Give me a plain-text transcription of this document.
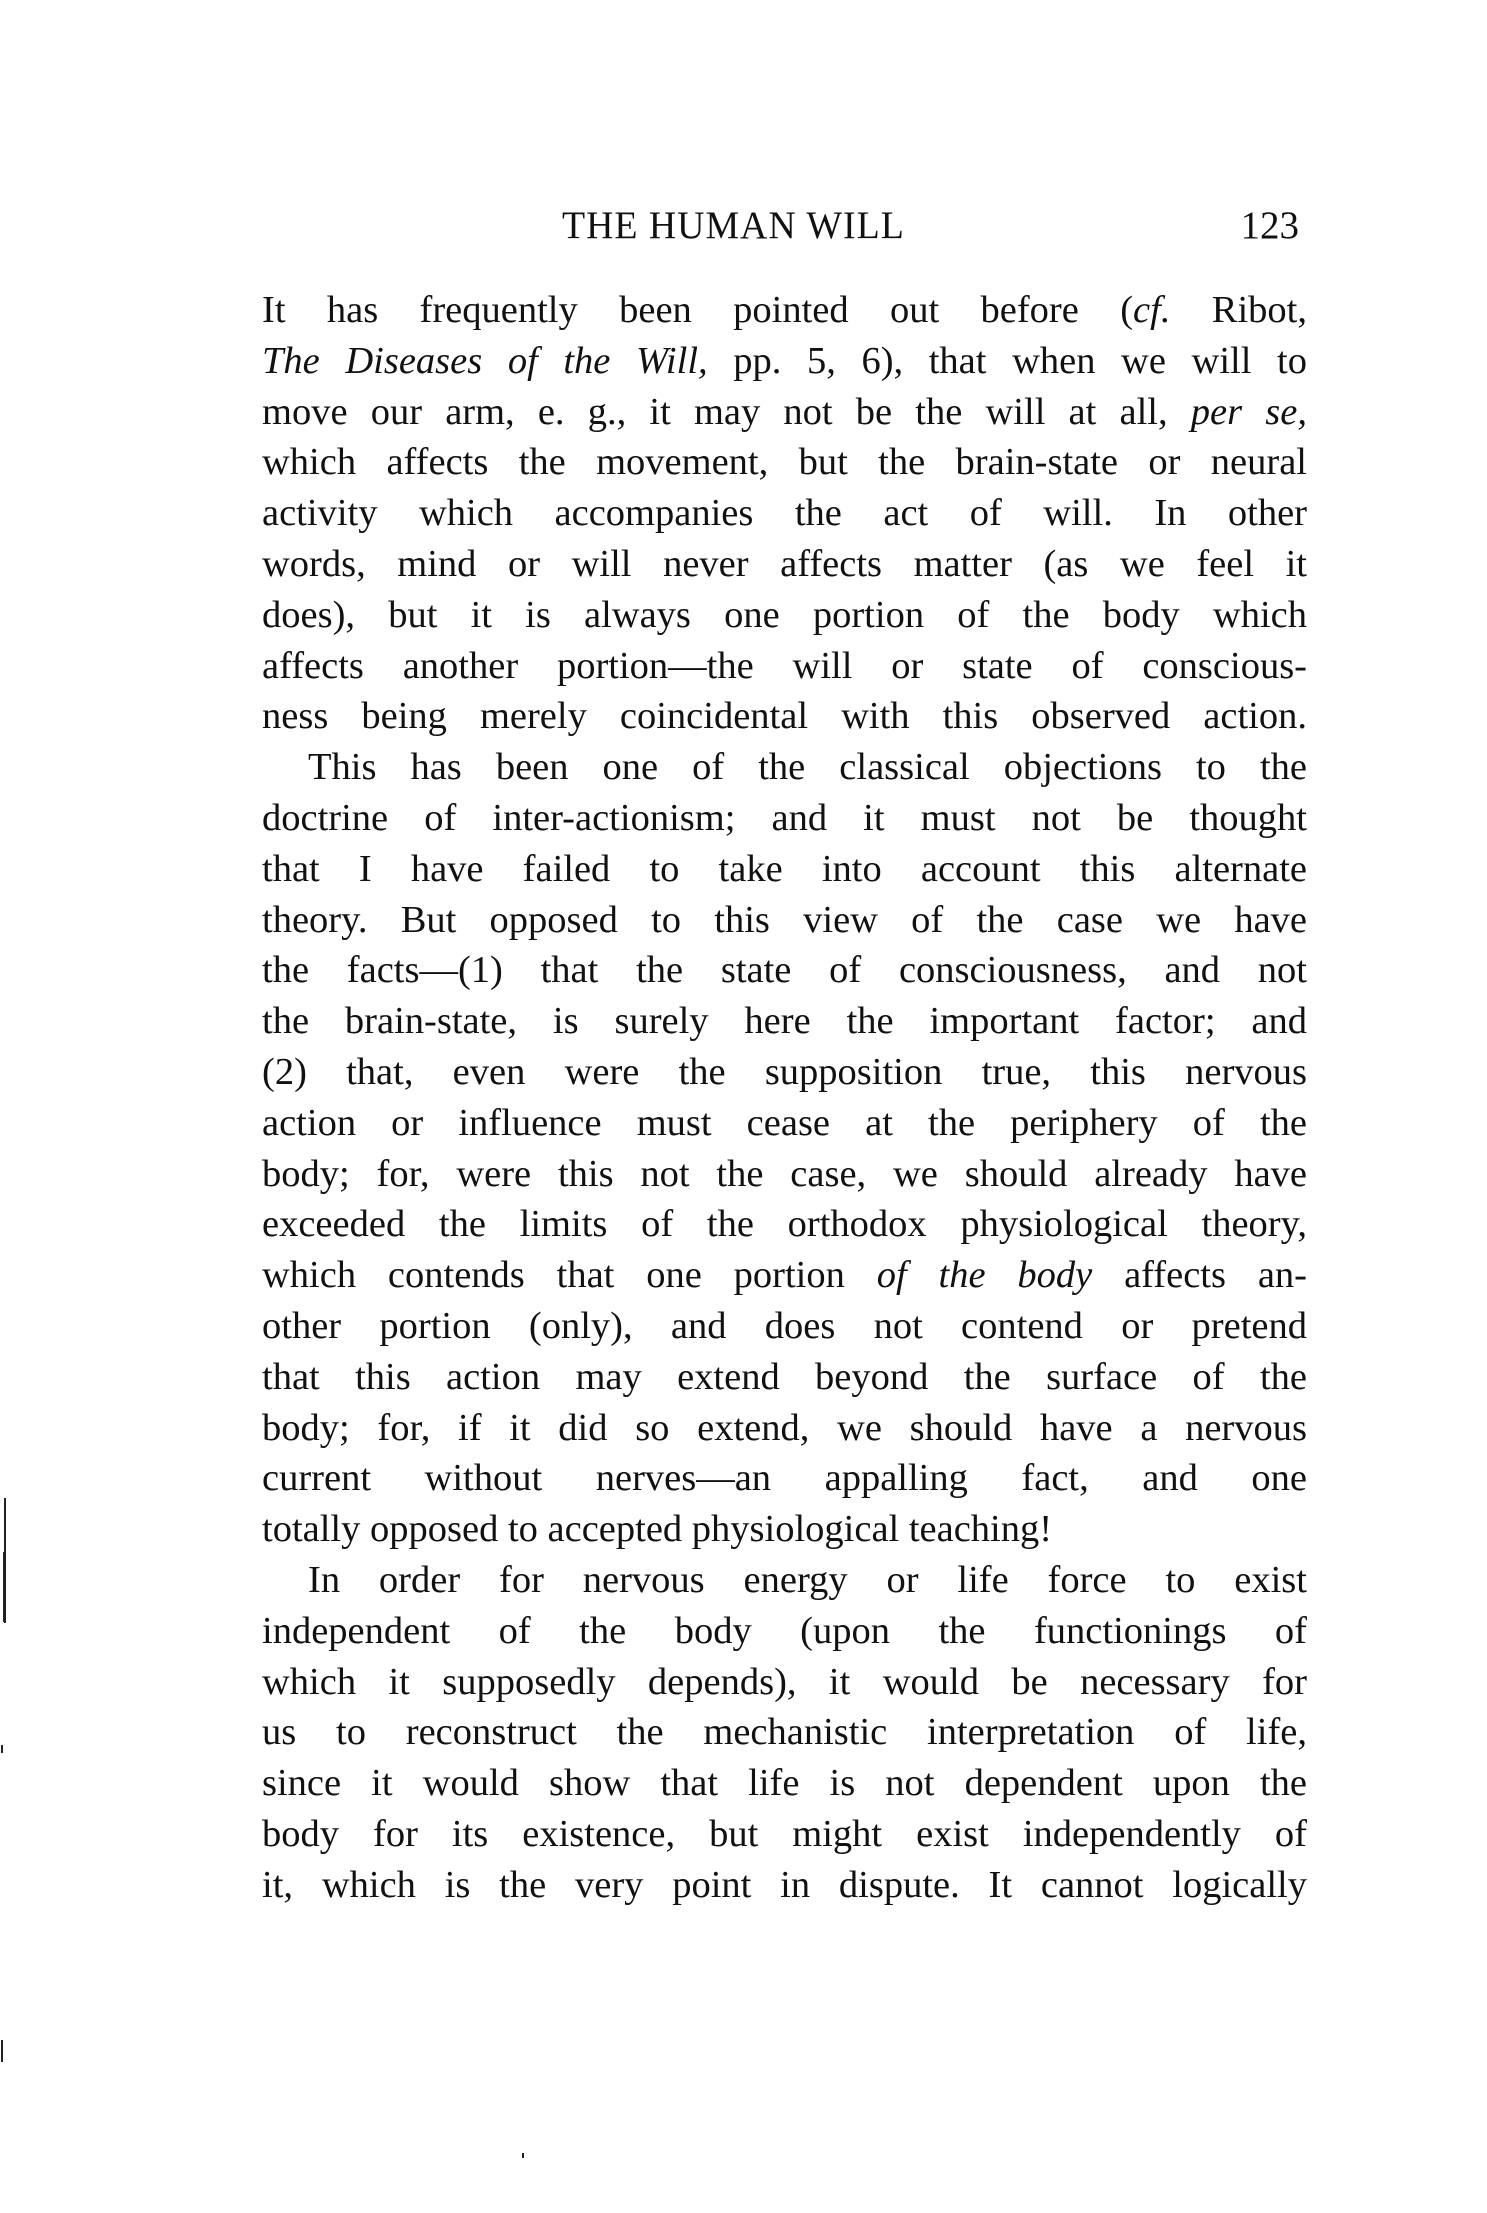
THE HUMAN WILL	123
It has frequently been pointed out before (cf. Ribot,
The Diseases of the Will, pp. 5, 6), that when we will to
move our arm, e. g., it may not be the will at all, per se,
which affects the movement, but the brain-state or neural
activity which accompanies the act of will. In other
words, mind or will never affects matter (as we feel it
does), but it is always one portion of the body which
affects another portion—the will or state of conscious-
ness being merely coincidental with this observed action.
This has been one of the classical objections to the
doctrine of inter-actionism; and it must not be thought
that I have failed to take into account this alternate
theory. But opposed to this view of the case we have
the facts—(1) that the state of consciousness, and not
the brain-state, is surely here the important factor; and
(2) that, even were the supposition true, this nervous
action or influence must cease at the periphery of the
body; for, were this not the case, we should already have
exceeded the limits of the orthodox physiological theory,
which contends that one portion of the body affects an-
other portion (only), and does not contend or pretend
that this action may extend beyond the surface of the
body; for, if it did so extend, we should have a nervous
current without nerves—an appalling fact, and one
totally opposed to accepted physiological teaching!
In order for nervous energy or life force to exist
independent of the body (upon the functionings of
which it supposedly depends), it would be necessary for
us to reconstruct the mechanistic interpretation of life,
since it would show that life is not dependent upon the
body for its existence, but might exist independently of
it, which is the very point in dispute. It cannot logically
